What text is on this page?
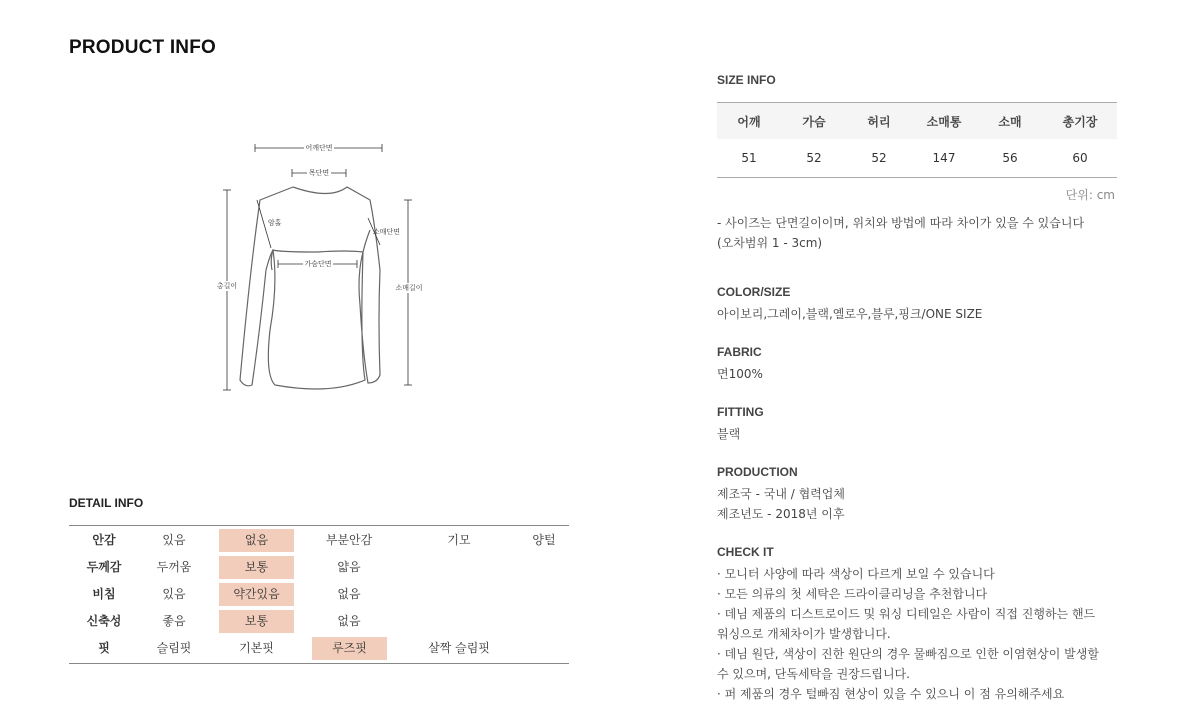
PRODUCT INFO
어깨단면
목단면
암홀
소매단면
가슴단면
총길이	소매길이
DETAIL INFO
안감	있음	없음	부분안감	기모	양털
두께감	두꺼움	보통	얇음
비침	있음	약간있음	없음
신축성	좋음	보통	없음
핏	슬림핏	기본핏	루즈핏	살짝 슬림핏
SIZE INFO
어깨	가슴	허리	소매통	소매	총기장
51	52	52	147	56	60
단위: cm
- 사이즈는 단면길이이며, 위치와 방법에 따라 차이가 있을 수 있습니다
(오차범위 1 - 3cm)
COLOR/SIZE
아이보리,그레이,블랙,옐로우,블루,핑크/ONE SIZE
FABRIC
면100%
FITTING
블랙
PRODUCTION
제조국 - 국내 / 협력업체
제조년도 - 2018년 이후
CHECK IT
· 모니터 사양에 따라 색상이 다르게 보일 수 있습니다
· 모든 의류의 첫 세탁은 드라이클리닝을 추천합니다
· 데님 제품의 디스트로이드 및 워싱 디테일은 사람이 직접 진행하는 핸드
워싱으로 개체차이가 발생합니다.
· 데님 원단, 색상이 진한 원단의 경우 물빠짐으로 인한 이염현상이 발생할
수 있으며, 단독세탁을 권장드립니다.
· 퍼 제품의 경우 털빠짐 현상이 있을 수 있으니 이 점 유의해주세요
